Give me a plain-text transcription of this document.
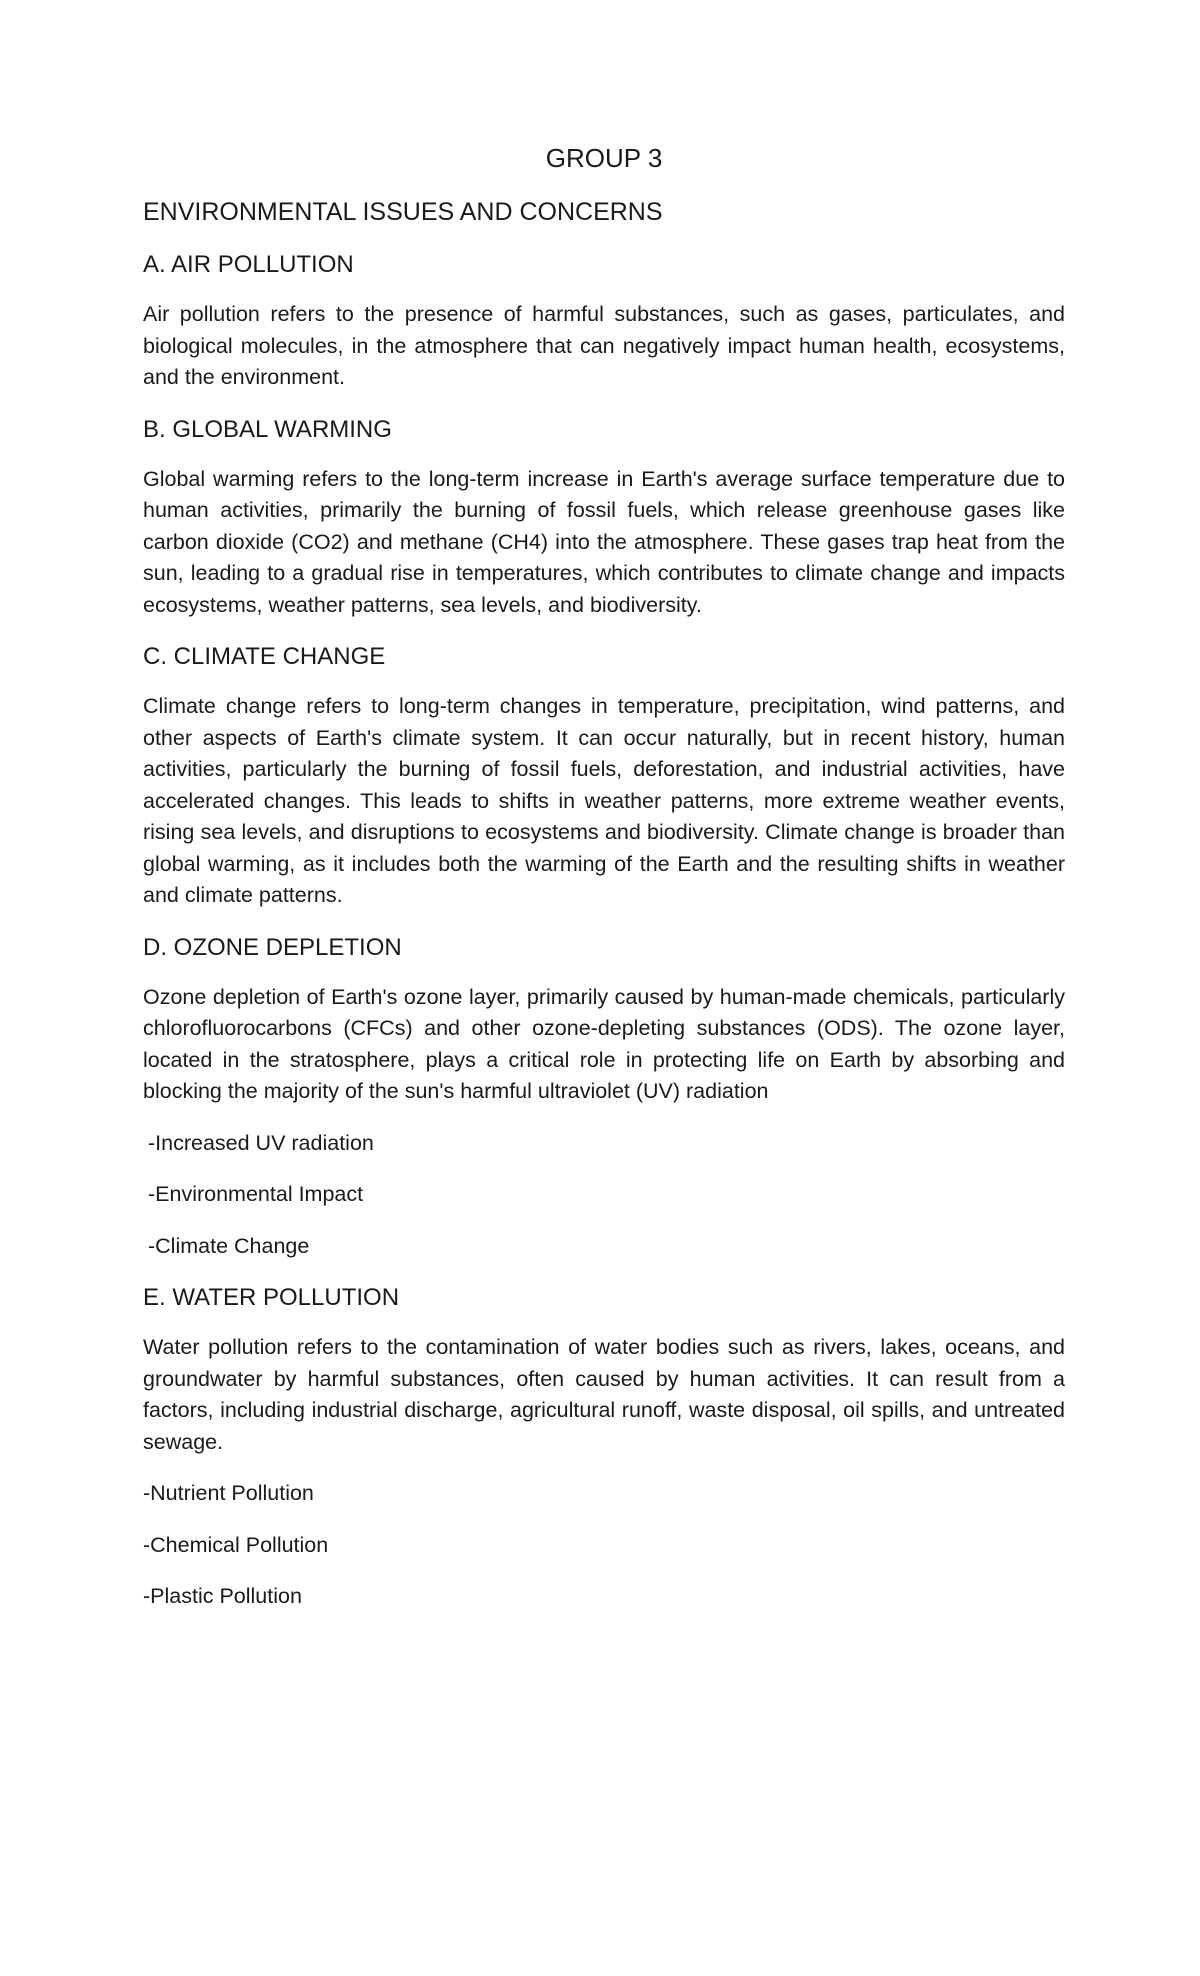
GROUP 3
ENVIRONMENTAL ISSUES AND CONCERNS
A. AIR POLLUTION

Air pollution refers to the presence of harmful substances, such as gases, particulates, and biological molecules, in the atmosphere that can negatively impact human health, ecosystems, and the environment.

B. GLOBAL WARMING

Global warming refers to the long-term increase in Earth's average surface temperature due to human activities, primarily the burning of fossil fuels, which release greenhouse gases like carbon dioxide (CO2) and methane (CH4) into the atmosphere. These gases trap heat from the sun, leading to a gradual rise in temperatures, which contributes to climate change and impacts ecosystems, weather patterns, sea levels, and biodiversity.

C. CLIMATE CHANGE

Climate change refers to long-term changes in temperature, precipitation, wind patterns, and other aspects of Earth's climate system. It can occur naturally, but in recent history, human activities, particularly the burning of fossil fuels, deforestation, and industrial activities, have accelerated changes. This leads to shifts in weather patterns, more extreme weather events, rising sea levels, and disruptions to ecosystems and biodiversity. Climate change is broader than global warming, as it includes both the warming of the Earth and the resulting shifts in weather and climate patterns.

D. OZONE DEPLETION

Ozone depletion of Earth's ozone layer, primarily caused by human-made chemicals, particularly chlorofluorocarbons (CFCs) and other ozone-depleting substances (ODS). The ozone layer, located in the stratosphere, plays a critical role in protecting life on Earth by absorbing and blocking the majority of the sun's harmful ultraviolet (UV) radiation

-Increased UV radiation
-Environmental Impact
-Climate Change
E. WATER POLLUTION

Water pollution refers to the contamination of water bodies such as rivers, lakes, oceans, and groundwater by harmful substances, often caused by human activities. It can result from a factors, including industrial discharge, agricultural runoff, waste disposal, oil spills, and untreated sewage.

-Nutrient Pollution
-Chemical Pollution
-Plastic Pollution
